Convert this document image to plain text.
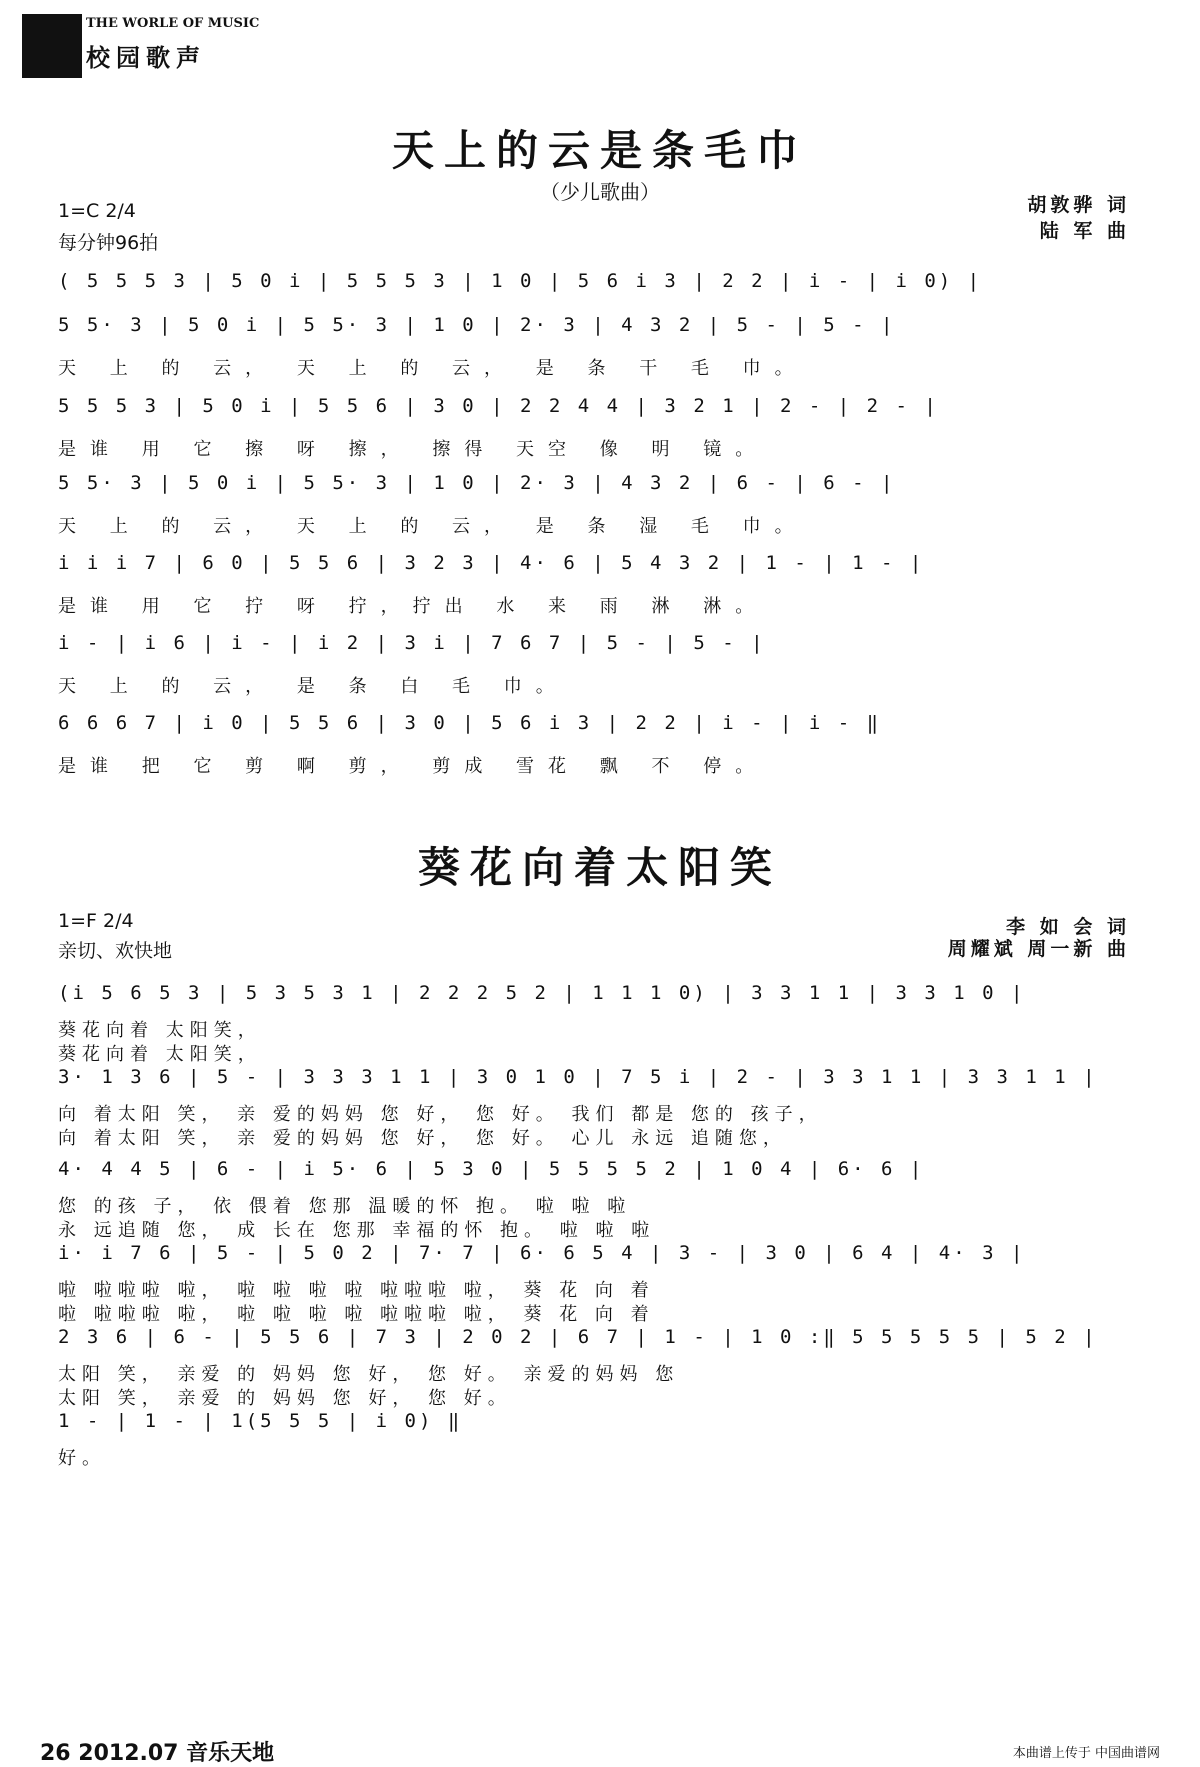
THE WORLE OF MUSIC
校园歌声
天上的云是条毛巾
（少儿歌曲）
1=C 2/4
每分钟96拍
胡敦骅 词
陆 军 曲
( 5 5 5 3 | 5 0 i | 5 5 5 3 | 1 0 | 5 6 i 3 | 2 2 | i - | i 0) |
5 5· 3 | 5 0 i | 5 5· 3 | 1 0 | 2· 3 | 4 3 2 | 5 - | 5 - |
天 上 的 云， 天 上 的 云， 是 条 干 毛 巾。
5 5 5 3 | 5 0 i | 5 5 6 | 3 0 | 2 2 4 4 | 3 2 1 | 2 - | 2 - |
是谁 用 它 擦 呀 擦， 擦得 天空 像 明 镜。
5 5· 3 | 5 0 i | 5 5· 3 | 1 0 | 2· 3 | 4 3 2 | 6 - | 6 - |
天 上 的 云， 天 上 的 云， 是 条 湿 毛 巾。
i i i 7 | 6 0 | 5 5 6 | 3 2 3 | 4· 6 | 5 4 3 2 | 1 - | 1 - |
是谁 用 它 拧 呀 拧，拧出 水 来 雨 淋 淋。
i - | i 6 | i - | i 2 | 3 i | 7 6 7 | 5 - | 5 - |
天 上 的 云， 是 条 白 毛 巾。
6 6 6 7 | i 0 | 5 5 6 | 3 0 | 5 6 i 3 | 2 2 | i - | i - ‖
是谁 把 它 剪 啊 剪， 剪成 雪花 飘 不 停。
葵花向着太阳笑
1=F 2/4
亲切、欢快地
李 如 会 词
周耀斌 周一新 曲
(i 5 6 5 3 | 5 3 5 3 1 | 2 2 2 5 2 | 1 1 1 0) | 3 3 1 1 | 3 3 1 0 |
葵花向着 太阳笑，
葵花向着 太阳笑，
3· 1 3 6 | 5 - | 3 3 3 1 1 | 3 0 1 0 | 7 5 i | 2 - | 3 3 1 1 | 3 3 1 1 |
向 着太阳 笑， 亲 爱的妈妈 您 好， 您 好。 我们 都是 您的 孩子，
向 着太阳 笑， 亲 爱的妈妈 您 好， 您 好。 心儿 永远 追随您，
4· 4 4 5 | 6 - | i 5· 6 | 5 3 0 | 5 5 5 5 2 | 1 0 4 | 6· 6 |
您 的孩 子， 依 偎着 您那 温暖的怀 抱。 啦 啦 啦
永 远追随 您， 成 长在 您那 幸福的怀 抱。 啦 啦 啦
i· i 7 6 | 5 - | 5 0 2 | 7· 7 | 6· 6 5 4 | 3 - | 3 0 | 6 4 | 4· 3 |
啦 啦啦啦 啦， 啦 啦 啦 啦 啦啦啦 啦， 葵 花 向 着
啦 啦啦啦 啦， 啦 啦 啦 啦 啦啦啦 啦， 葵 花 向 着
2 3 6 | 6 - | 5 5 6 | 7 3 | 2 0 2 | 6 7 | 1 - | 1 0 :‖ 5 5 5 5 5 | 5 2 |
太阳 笑， 亲爱 的 妈妈 您 好， 您 好。 亲爱的妈妈 您
太阳 笑， 亲爱 的 妈妈 您 好， 您 好。
1 - | 1 - | 1(5 5 5 | i 0) ‖
好。
26 2012.07 音乐天地	本曲谱上传于 中国曲谱网
